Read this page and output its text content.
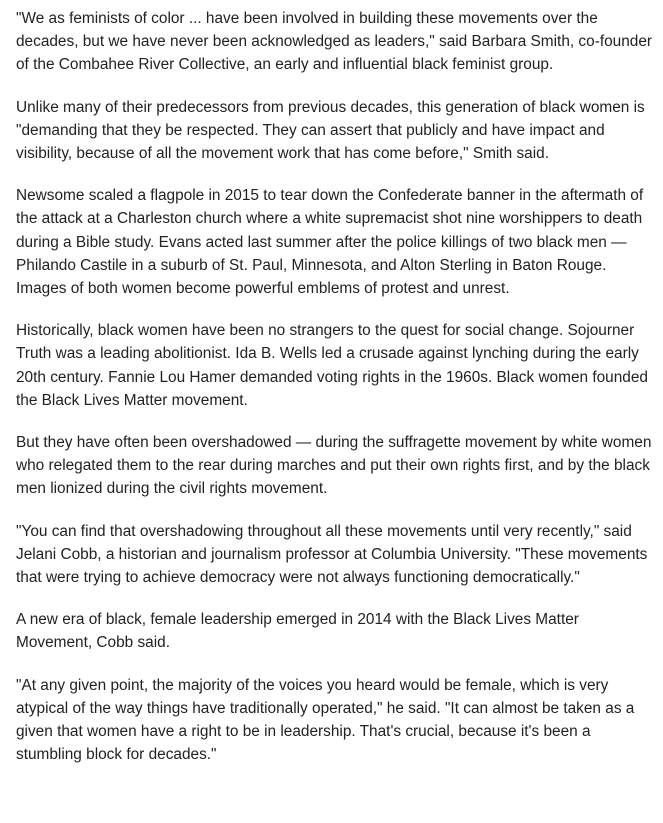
"We as feminists of color ... have been involved in building these movements over the decades, but we have never been acknowledged as leaders," said Barbara Smith, co-founder of the Combahee River Collective, an early and influential black feminist group.

Unlike many of their predecessors from previous decades, this generation of black women is "demanding that they be respected. They can assert that publicly and have impact and visibility, because of all the movement work that has come before," Smith said.

Newsome scaled a flagpole in 2015 to tear down the Confederate banner in the aftermath of the attack at a Charleston church where a white supremacist shot nine worshippers to death during a Bible study. Evans acted last summer after the police killings of two black men — Philando Castile in a suburb of St. Paul, Minnesota, and Alton Sterling in Baton Rouge. Images of both women become powerful emblems of protest and unrest.

Historically, black women have been no strangers to the quest for social change. Sojourner Truth was a leading abolitionist. Ida B. Wells led a crusade against lynching during the early 20th century. Fannie Lou Hamer demanded voting rights in the 1960s. Black women founded the Black Lives Matter movement.

But they have often been overshadowed — during the suffragette movement by white women who relegated them to the rear during marches and put their own rights first, and by the black men lionized during the civil rights movement.

"You can find that overshadowing throughout all these movements until very recently," said Jelani Cobb, a historian and journalism professor at Columbia University. "These movements that were trying to achieve democracy were not always functioning democratically."

A new era of black, female leadership emerged in 2014 with the Black Lives Matter Movement, Cobb said.

"At any given point, the majority of the voices you heard would be female, which is very atypical of the way things have traditionally operated," he said. "It can almost be taken as a given that women have a right to be in leadership. That's crucial, because it's been a stumbling block for decades."
